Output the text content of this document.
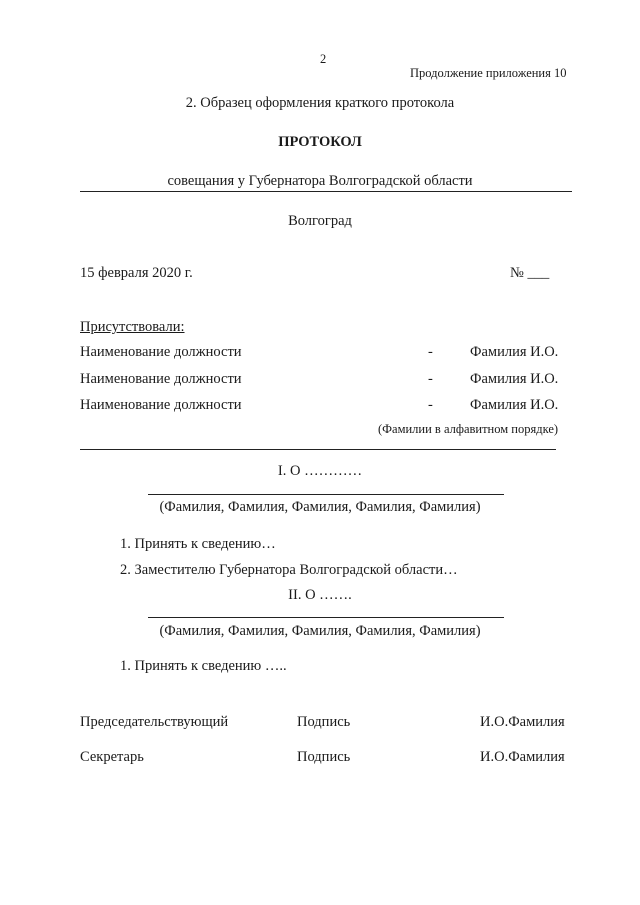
2
Продолжение приложения 10
2. Образец оформления краткого протокола
ПРОТОКОЛ
совещания у Губернатора Волгоградской области
Волгоград
15 февраля 2020 г.	№ ___
Присутствовали:
Наименование должности	-	Фамилия И.О.
Наименование должности	-	Фамилия И.О.
Наименование должности	-	Фамилия И.О.
(Фамилии в алфавитном порядке)
I. О …………
(Фамилия, Фамилия, Фамилия, Фамилия, Фамилия)
1. Принять к сведению…
2. Заместителю Губернатора Волгоградской области…
II. О …….
(Фамилия, Фамилия, Фамилия, Фамилия, Фамилия)
1. Принять к сведению …..
Председательствующий	Подпись	И.О.Фамилия
Секретарь	Подпись	И.О.Фамилия
